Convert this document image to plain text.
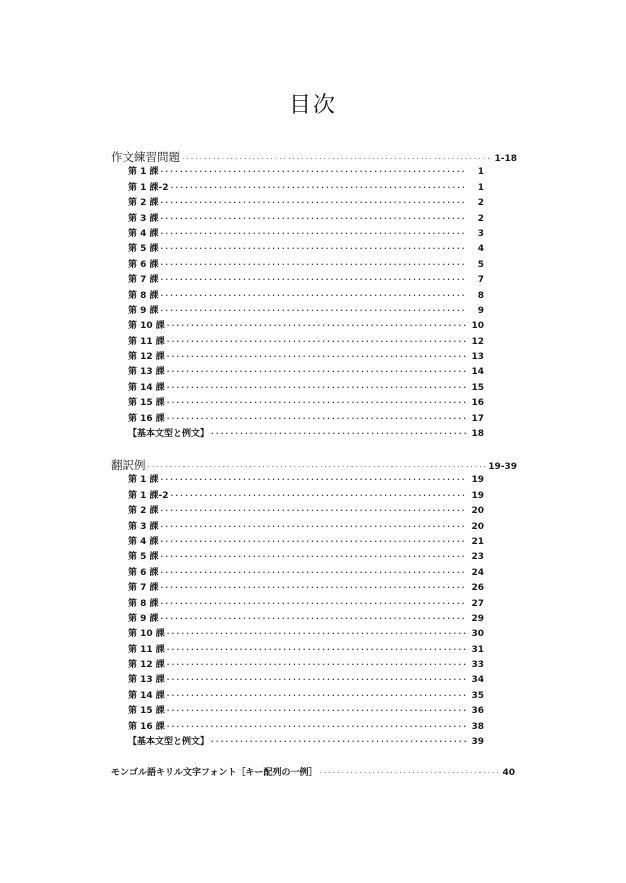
目次
作文練習問題 ·····	1-18
第 1 課 ·····	1
第 1 課-2 ·····	1
第 2 課 ·····	2
第 3 課 ·····	2
第 4 課 ·····	3
第 5 課 ·····	4
第 6 課 ·····	5
第 7 課 ·····	7
第 8 課 ·····	8
第 9 課 ·····	9
第 10 課 ·····	10
第 11 課 ·····	12
第 12 課 ·····	13
第 13 課 ·····	14
第 14 課 ·····	15
第 15 課 ·····	16
第 16 課 ·····	17
【基本文型と例文】 ·····	18
翻訳例 ·····	19-39
第 1 課 ·····	19
第 1 課-2 ·····	19
第 2 課 ·····	20
第 3 課 ·····	20
第 4 課 ·····	21
第 5 課 ·····	23
第 6 課 ·····	24
第 7 課 ·····	26
第 8 課 ·····	27
第 9 課 ·····	29
第 10 課 ·····	30
第 11 課 ·····	31
第 12 課 ·····	33
第 13 課 ·····	34
第 14 課 ·····	35
第 15 課 ·····	36
第 16 課 ·····	38
【基本文型と例文】 ·····	39
モンゴル語キリル文字フォント［キー配列の一例］ ·····	40
